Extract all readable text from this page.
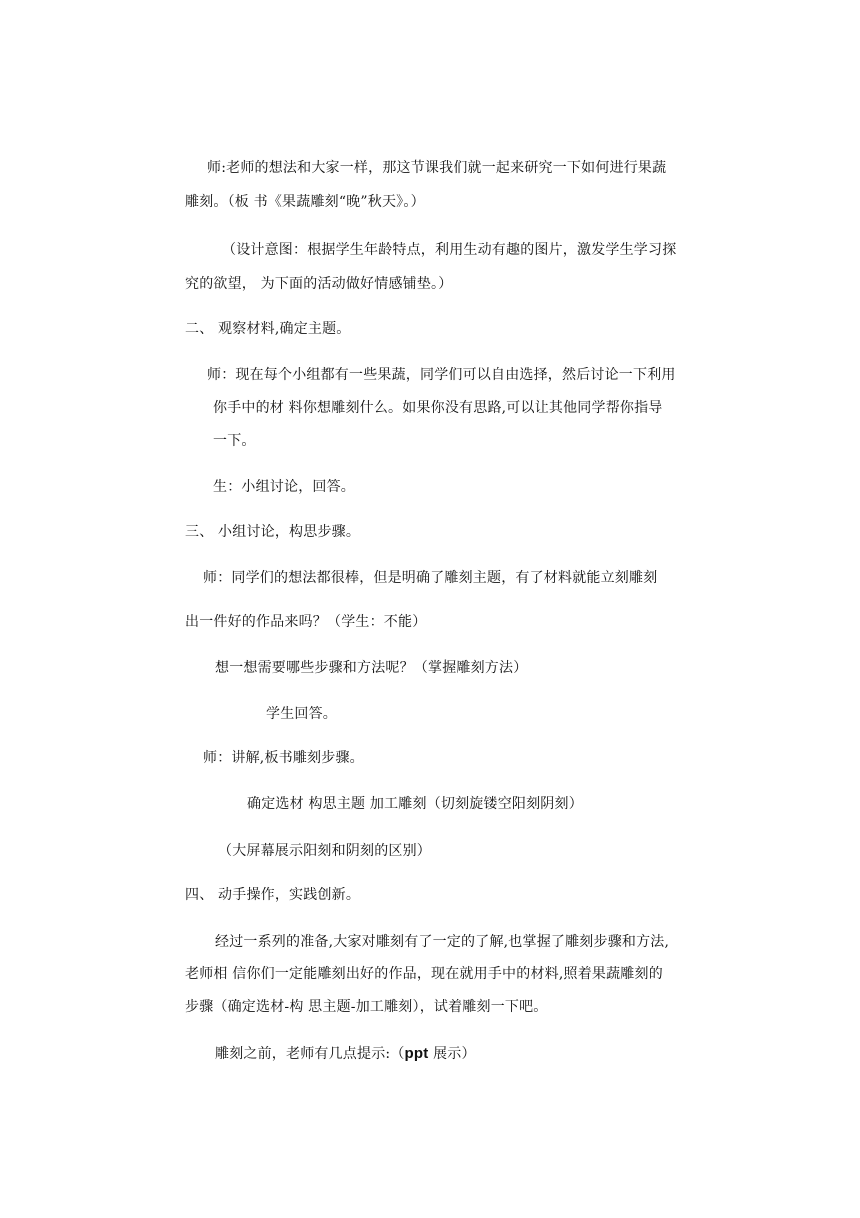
师:老师的想法和大家一样，那这节课我们就一起来研究一下如何进行果蔬
雕刻。（板 书《果蔬雕刻“晚”秋天》。）
（设计意图：根据学生年龄特点，利用生动有趣的图片，激发学生学习探
究的欲望， 为下面的活动做好情感铺垫。）
二、 观察材料,确定主题。
师：现在每个小组都有一些果蔬，同学们可以自由选择，然后讨论一下利用
你手中的材 料你想雕刻什么。如果你没有思路,可以让其他同学帮你指导
一下。
生：小组讨论，回答。
三、 小组讨论，构思步骤。
师：同学们的想法都很棒，但是明确了雕刻主题，有了材料就能立刻雕刻
出一件好的作品来吗？（学生：不能）
想一想需要哪些步骤和方法呢？（掌握雕刻方法）
学生回答。
师：讲解,板书雕刻步骤。
确定选材 构思主题 加工雕刻（切刻旋镂空阳刻阴刻）
（大屏幕展示阳刻和阴刻的区别）
四、 动手操作，实践创新。
经过一系列的准备,大家对雕刻有了一定的了解,也掌握了雕刻步骤和方法,
老师相 信你们一定能雕刻出好的作品，现在就用手中的材料,照着果蔬雕刻的
步骤（确定选材-构 思主题-加工雕刻），试着雕刻一下吧。
雕刻之前，老师有几点提示:（ppt 展示）
